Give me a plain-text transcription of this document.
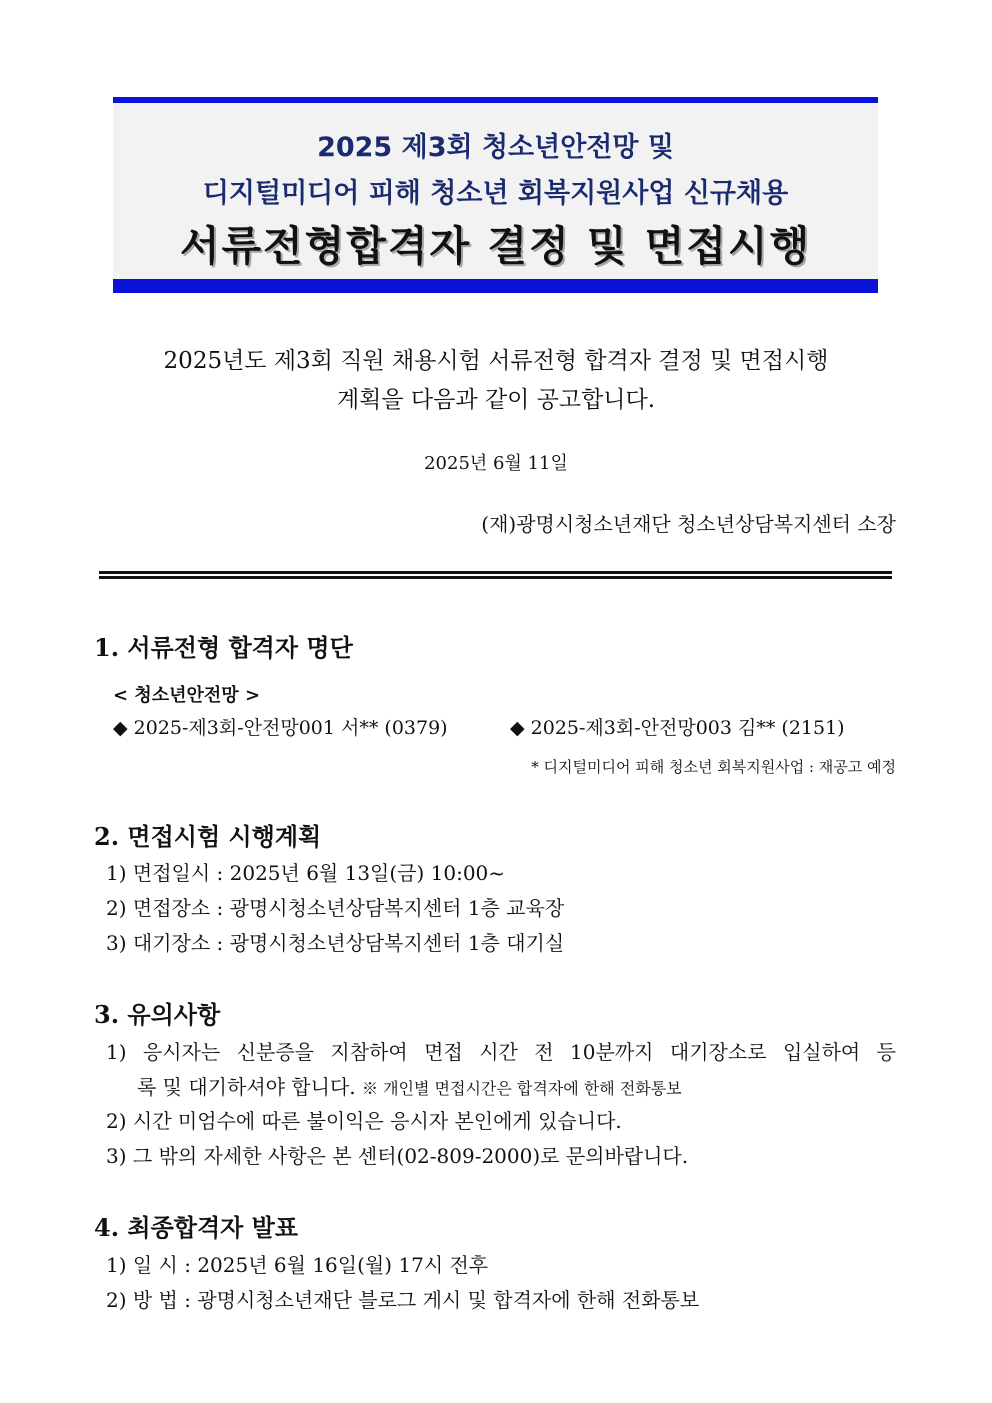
2025 제3회 청소년안전망 및
디지털미디어 피해 청소년 회복지원사업 신규채용
서류전형합격자 결정 및 면접시행
2025년도 제3회 직원 채용시험 서류전형 합격자 결정 및 면접시행
계획을 다음과 같이 공고합니다.
2025년 6월 11일
(재)광명시청소년재단 청소년상담복지센터 소장
1. 서류전형 합격자 명단
< 청소년안전망 >
◆ 2025-제3회-안전망001 서** (0379)	◆ 2025-제3회-안전망003 김** (2151)
* 디지털미디어 피해 청소년 회복지원사업 : 재공고 예정
2. 면접시험 시행계획
1) 면접일시 : 2025년 6월 13일(금) 10:00~
2) 면접장소 : 광명시청소년상담복지센터 1층 교육장
3) 대기장소 : 광명시청소년상담복지센터 1층 대기실
3. 유의사항
1) 응시자는 신분증을 지참하여 면접 시간 전 10분까지 대기장소로 입실하여 등
록 및 대기하셔야 합니다. ※ 개인별 면접시간은 합격자에 한해 전화통보
2) 시간 미엄수에 따른 불이익은 응시자 본인에게 있습니다.
3) 그 밖의 자세한 사항은 본 센터(02-809-2000)로 문의바랍니다.
4. 최종합격자 발표
1) 일 시 : 2025년 6월 16일(월) 17시 전후
2) 방 법 : 광명시청소년재단 블로그 게시 및 합격자에 한해 전화통보
